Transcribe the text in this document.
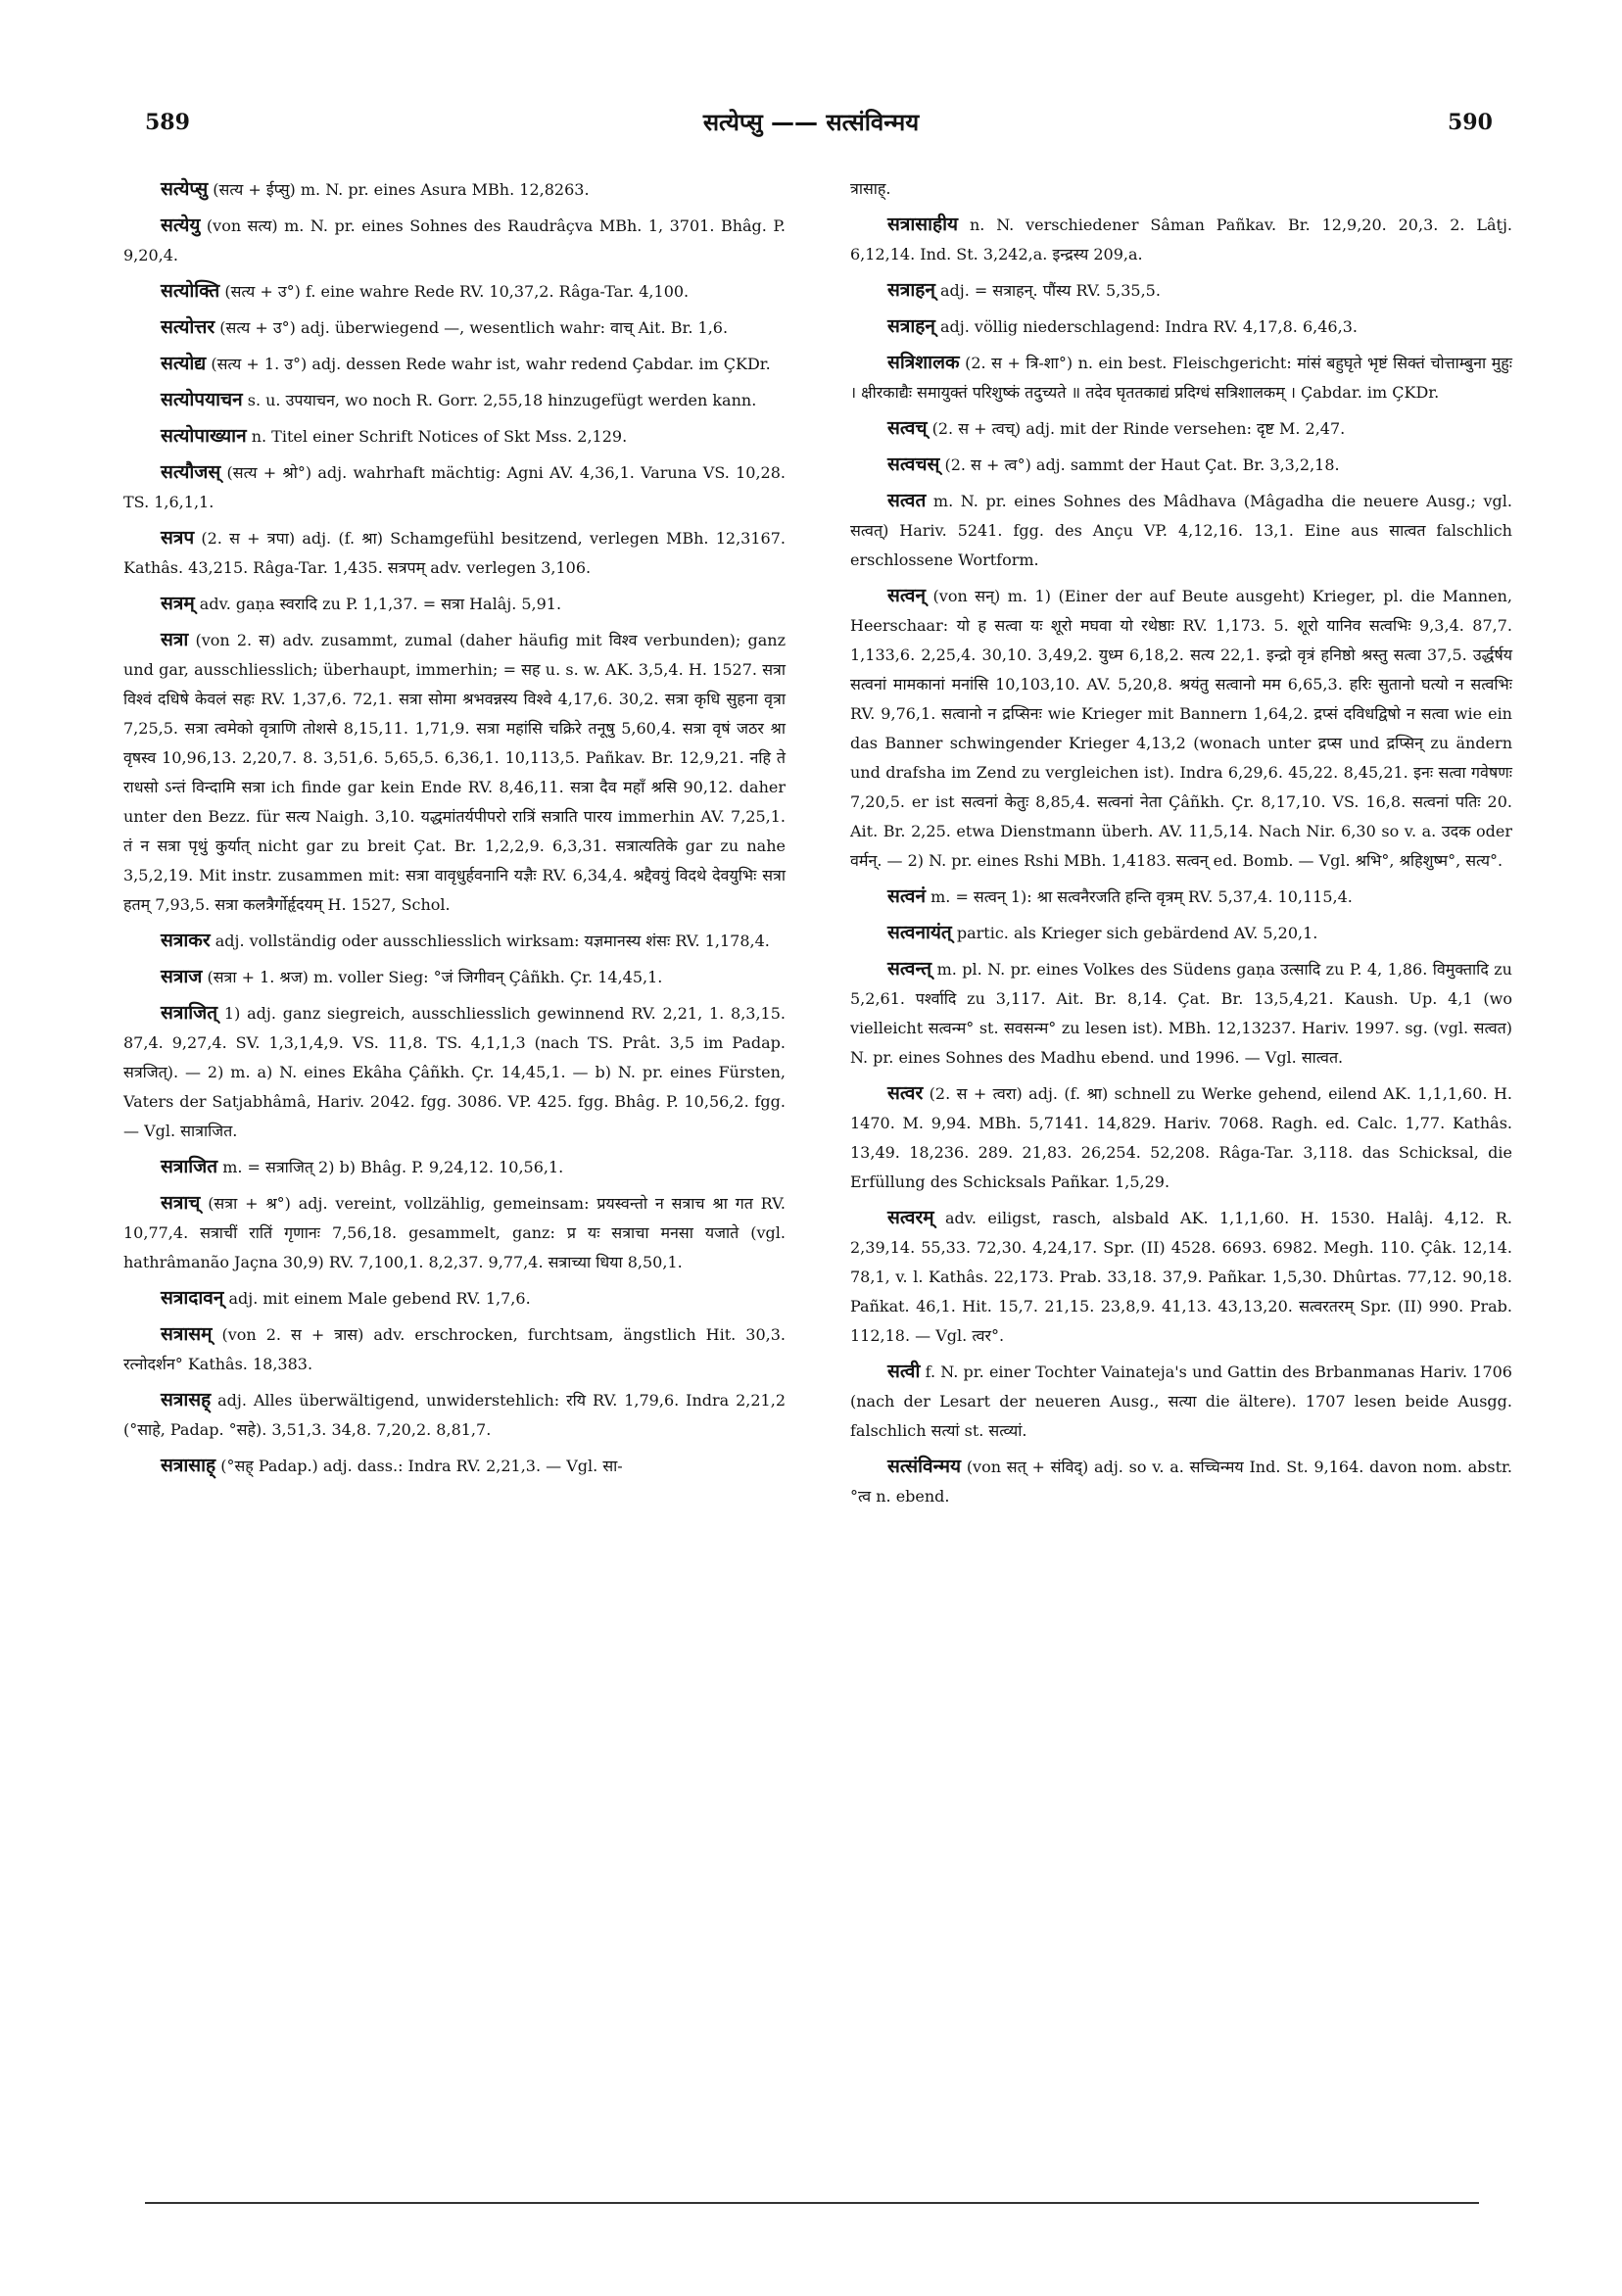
589	सत्येप्सु —— सत्संविन्मय	590

सत्येप्सु (सत्य + ईप्सु) m. N. pr. eines Asura MBh. 12,8263.

सत्येयु (von सत्य) m. N. pr. eines Sohnes des Raudrâçva MBh. 1, 3701. Bhâg. P. 9,20,4.

सत्योक्ति (सत्य + उ°) f. eine wahre Rede RV. 10,37,2. Râga-Tar. 4,100.

सत्योत्तर (सत्य + उ°) adj. überwiegend —, wesentlich wahr: वाच् Ait. Br. 1,6.

सत्योद्य (सत्य + 1. उ°) adj. dessen Rede wahr ist, wahr redend Çabdar. im ÇKDr.

सत्योपयाचन s. u. उपयाचन, wo noch R. Gorr. 2,55,18 hinzugefügt werden kann.

सत्योपाख्यान n. Titel einer Schrift Notices of Skt Mss. 2,129.

सत्यौजस् (सत्य + श्रो°) adj. wahrhaft mächtig: Agni AV. 4,36,1. Varuna VS. 10,28. TS. 1,6,1,1.

सत्रप (2. स + त्रपा) adj. (f. श्रा) Schamgefühl besitzend, verlegen MBh. 12,3167. Kathâs. 43,215. Râga-Tar. 1,435. सत्रपम् adv. verlegen 3,106.

सत्रम् adv. gaṇa स्वरादि zu P. 1,1,37. = सत्रा Halâj. 5,91.

सत्रा (von 2. स) adv. zusammt, zumal (daher häufig mit विश्व verbunden); ganz und gar, ausschliesslich; überhaupt, immerhin; = सह u. s. w. AK. 3,5,4. H. 1527. सत्रा विश्वं दधिषे केवलं सहः RV. 1,37,6. 72,1. सत्रा सोमा श्रभवन्नस्य विश्वे 4,17,6. 30,2. सत्रा कृधि सुहना वृत्रा 7,25,5. सत्रा त्वमेको वृत्राणि तोशसे 8,15,11. 1,71,9. सत्रा महांसि चक्रिरे तनूषु 5,60,4. सत्रा वृषं जठर श्रा वृषस्व 10,96,13. 2,20,7. 8. 3,51,6. 5,65,5. 6,36,1. 10,113,5. Pañkav. Br. 12,9,21. नहि ते राधसो ऽन्तं विन्दामि सत्रा ich finde gar kein Ende RV. 8,46,11. सत्रा दैव महाँ श्रसि 90,12. daher unter den Bezz. für सत्य Naigh. 3,10. यद्धमांतर्यपीपरो रात्रिं सत्राति पारय immerhin AV. 7,25,1. तं न सत्रा पृथुं कुर्यात् nicht gar zu breit Çat. Br. 1,2,2,9. 6,3,31. सत्रात्यतिके gar zu nahe 3,5,2,19. Mit instr. zusammen mit: सत्रा वावृधुर्हवनानि यज्ञैः RV. 6,34,4. श्रद्दैवयुं विदथे देवयुभिः सत्रा हतम् 7,93,5. सत्रा कलत्रैर्गोर्हृदयम् H. 1527, Schol.

सत्राकर adj. vollständig oder ausschliesslich wirksam: यज्ञमानस्य शंसः RV. 1,178,4.

सत्राज (सत्रा + 1. श्रज) m. voller Sieg: °जं जिगीवन् Çâñkh. Çr. 14,45,1.

सत्राजित् 1) adj. ganz siegreich, ausschliesslich gewinnend RV. 2,21, 1. 8,3,15. 87,4. 9,27,4. SV. 1,3,1,4,9. VS. 11,8. TS. 4,1,1,3 (nach TS. Prât. 3,5 im Padap. सत्रजित्). — 2) m. a) N. eines Ekâha Çâñkh. Çr. 14,45,1. — b) N. pr. eines Fürsten, Vaters der Satjabhâmâ, Hariv. 2042. fgg. 3086. VP. 425. fgg. Bhâg. P. 10,56,2. fgg. — Vgl. सात्राजित.

सत्राजित m. = सत्राजित् 2) b) Bhâg. P. 9,24,12. 10,56,1.

सत्राच् (सत्रा + श्र°) adj. vereint, vollzählig, gemeinsam: प्रयस्वन्तो न सत्राच श्रा गत RV. 10,77,4. सत्राचीं रातिं गृणानः 7,56,18. gesammelt, ganz: प्र यः सत्राचा मनसा यजाते (vgl. hathrâmanão Jaçna 30,9) RV. 7,100,1. 8,2,37. 9,77,4. सत्राच्या धिया 8,50,1.

सत्रादावन् adj. mit einem Male gebend RV. 1,7,6.

सत्रासम् (von 2. स + त्रास) adv. erschrocken, furchtsam, ängstlich Hit. 30,3. रत्नोदर्शन° Kathâs. 18,383.

सत्रासह् adj. Alles überwältigend, unwiderstehlich: रयि RV. 1,79,6. Indra 2,21,2 (°साहे, Padap. °सहे). 3,51,3. 34,8. 7,20,2. 8,81,7.

सत्रासाह् (°सह् Padap.) adj. dass.: Indra RV. 2,21,3. — Vgl. सा-

त्रासाह्.

सत्रासाहीय n. N. verschiedener Sâman Pañkav. Br. 12,9,20. 20,3. 2. Lâṭj. 6,12,14. Ind. St. 3,242,a. इन्द्रस्य 209,a.

सत्राहन् adj. = सत्राहन्. पौंस्य RV. 5,35,5.

सत्राहन् adj. völlig niederschlagend: Indra RV. 4,17,8. 6,46,3.

सत्रिशालक (2. स + त्रि-शा°) n. ein best. Fleischgericht: मांसं बहुघृते भृष्टं सिक्तं चोत्ताम्बुना मुहुः । क्षीरकाद्यैः समायुक्तं परिशुष्कं तदुच्यते ॥ तदेव घृततकाद्यं प्रदिग्धं सत्रिशालकम् । Çabdar. im ÇKDr.

सत्वच् (2. स + त्वच्) adj. mit der Rinde versehen: दृष्ट M. 2,47.

सत्वचस् (2. स + त्व°) adj. sammt der Haut Çat. Br. 3,3,2,18.

सत्वत m. N. pr. eines Sohnes des Mâdhava (Mâgadha die neuere Ausg.; vgl. सत्वत्) Hariv. 5241. fgg. des Ançu VP. 4,12,16. 13,1. Eine aus सात्वत falschlich erschlossene Wortform.

सत्वन् (von सन्) m. 1) (Einer der auf Beute ausgeht) Krieger, pl. die Mannen, Heerschaar: यो ह सत्वा यः शूरो मघवा यो रथेष्ठाः RV. 1,173. 5. शूरो यानिव सत्वभिः 9,3,4. 87,7. 1,133,6. 2,25,4. 30,10. 3,49,2. युध्म 6,18,2. सत्य 22,1. इन्द्रो वृत्रं हनिष्ठो श्रस्तु सत्वा 37,5. उर्द्धर्षय सत्वनां मामकानां मनांसि 10,103,10. AV. 5,20,8. श्रयंतु सत्वानो मम 6,65,3. हरिः सुतानो घत्यो न सत्वभिः RV. 9,76,1. सत्वानो न द्रप्सिनः wie Krieger mit Bannern 1,64,2. द्रप्सं दविधद्विषो न सत्वा wie ein das Banner schwingender Krieger 4,13,2 (wonach unter द्रप्स und द्रप्सिन् zu ändern und drafsha im Zend zu vergleichen ist). Indra 6,29,6. 45,22. 8,45,21. इनः सत्वा गवेषणः 7,20,5. er ist सत्वनां केतुः 8,85,4. सत्वनां नेता Çâñkh. Çr. 8,17,10. VS. 16,8. सत्वनां पतिः 20. Ait. Br. 2,25. etwa Dienstmann überh. AV. 11,5,14. Nach Nir. 6,30 so v. a. उदक oder वर्मन्. — 2) N. pr. eines Rshi MBh. 1,4183. सत्वन् ed. Bomb. — Vgl. श्रभि°, श्रहिशुष्म°, सत्य°.

सत्वनं m. = सत्वन् 1): श्रा सत्वनैरजति हन्ति वृत्रम् RV. 5,37,4. 10,115,4.

सत्वनायंत् partic. als Krieger sich gebärdend AV. 5,20,1.

सत्वन्त् m. pl. N. pr. eines Volkes des Südens gaṇa उत्सादि zu P. 4, 1,86. विमुक्तादि zu 5,2,61. पर्श्वादि zu 3,117. Ait. Br. 8,14. Çat. Br. 13,5,4,21. Kaush. Up. 4,1 (wo vielleicht सत्वन्म° st. सवसन्म° zu lesen ist). MBh. 12,13237. Hariv. 1997. sg. (vgl. सत्वत) N. pr. eines Sohnes des Madhu ebend. und 1996. — Vgl. सात्वत.

सत्वर (2. स + त्वरा) adj. (f. श्रा) schnell zu Werke gehend, eilend AK. 1,1,1,60. H. 1470. M. 9,94. MBh. 5,7141. 14,829. Hariv. 7068. Ragh. ed. Calc. 1,77. Kathâs. 13,49. 18,236. 289. 21,83. 26,254. 52,208. Râga-Tar. 3,118. das Schicksal, die Erfüllung des Schicksals Pañkar. 1,5,29.

सत्वरम् adv. eiligst, rasch, alsbald AK. 1,1,1,60. H. 1530. Halâj. 4,12. R. 2,39,14. 55,33. 72,30. 4,24,17. Spr. (II) 4528. 6693. 6982. Megh. 110. Çâk. 12,14. 78,1, v. l. Kathâs. 22,173. Prab. 33,18. 37,9. Pañkar. 1,5,30. Dhûrtas. 77,12. 90,18. Pañkat. 46,1. Hit. 15,7. 21,15. 23,8,9. 41,13. 43,13,20. सत्वरतरम् Spr. (II) 990. Prab. 112,18. — Vgl. त्वर°.

सत्वी f. N. pr. einer Tochter Vainateja's und Gattin des Brbanmanas Hariv. 1706 (nach der Lesart der neueren Ausg., सत्या die ältere). 1707 lesen beide Ausgg. falschlich सत्यां st. सत्व्यां.

सत्संविन्मय (von सत् + संविद्) adj. so v. a. सच्चिन्मय Ind. St. 9,164. davon nom. abstr. °त्व n. ebend.
